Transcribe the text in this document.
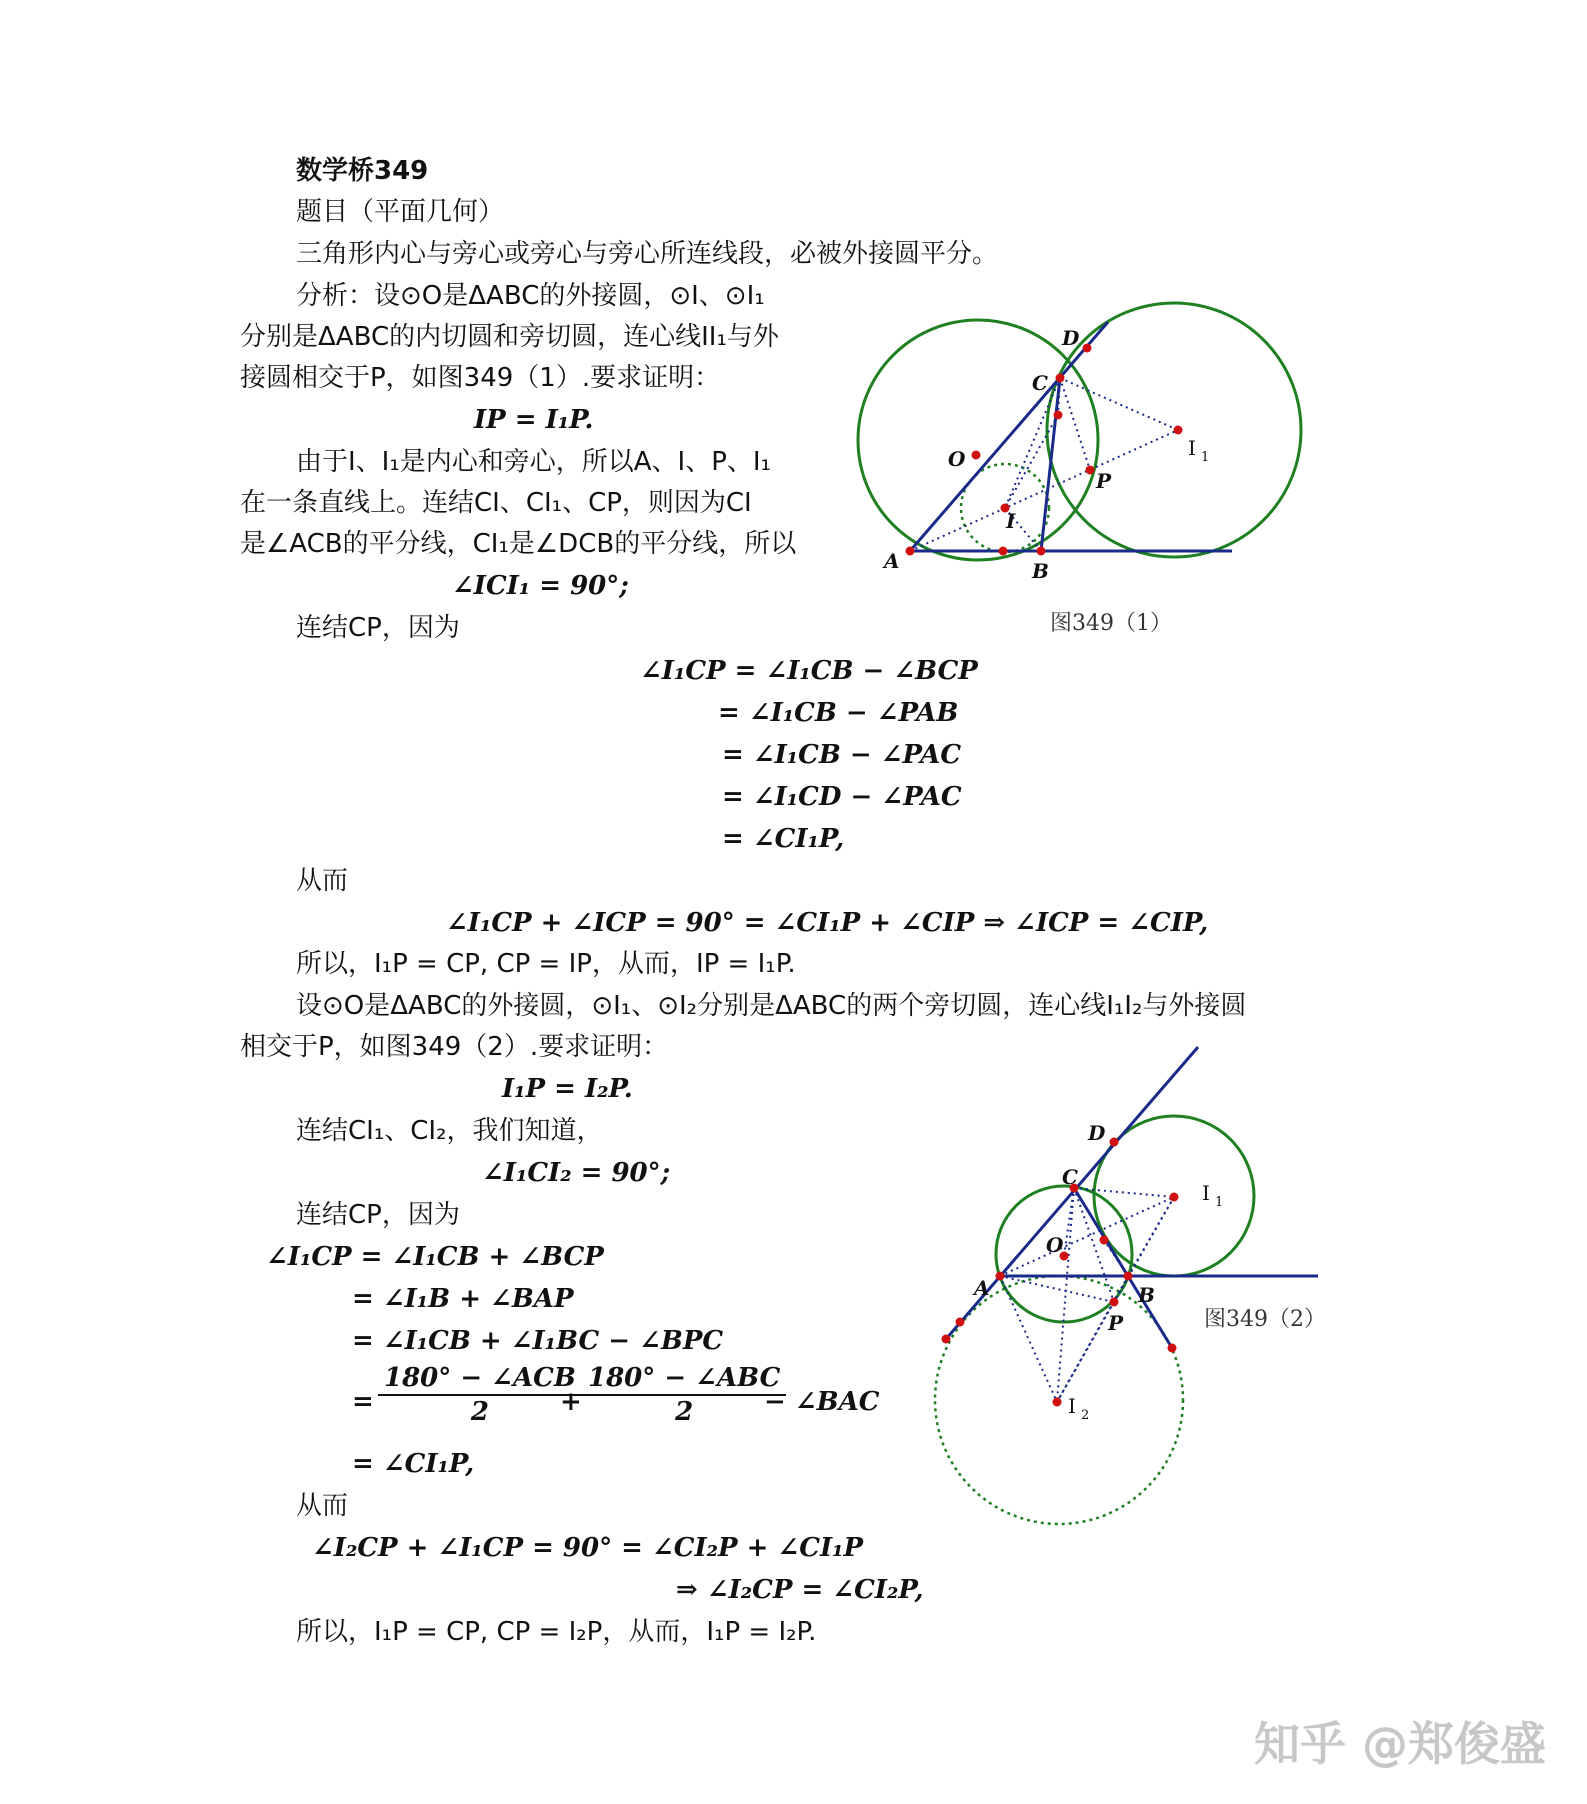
数学桥349
题目（平面几何）
三角形内心与旁心或旁心与旁心所连线段，必被外接圆平分。
分析：设⊙O是ΔABC的外接圆，⊙I、⊙I₁
分别是ΔABC的内切圆和旁切圆，连心线II₁与外
接圆相交于P，如图349（1）.要求证明：
IP = I₁P.
由于I、I₁是内心和旁心，所以A、I、P、I₁
在一条直线上。连结CI、CI₁、CP，则因为CI
是∠ACB的平分线，CI₁是∠DCB的平分线，所以
∠ICI₁ = 90°;
连结CP，因为
∠I₁CP = ∠I₁CB − ∠BCP
= ∠I₁CB − ∠PAB
= ∠I₁CB − ∠PAC
= ∠I₁CD − ∠PAC
= ∠CI₁P,
从而
∠I₁CP + ∠ICP = 90° = ∠CI₁P + ∠CIP ⇒ ∠ICP = ∠CIP,
所以，I₁P = CP, CP = IP，从而，IP = I₁P.
设⊙O是ΔABC的外接圆，⊙I₁、⊙I₂分别是ΔABC的两个旁切圆，连心线I₁I₂与外接圆
相交于P，如图349（2）.要求证明：
I₁P = I₂P.
连结CI₁、CI₂，我们知道，
∠I₁CI₂ = 90°;
连结CP，因为
∠I₁CP = ∠I₁CB + ∠BCP
= ∠I₁B + ∠BAP
= ∠I₁CB + ∠I₁BC − ∠BPC
=
180° − ∠ACB
2	+
180° − ∠ABC
2	− ∠BAC
= ∠CI₁P,
从而
∠I₂CP + ∠I₁CP = 90° = ∠CI₂P + ∠CI₁P
⇒ ∠I₂CP = ∠CI₂P,
所以，I₁P = CP, CP = I₂P，从而，I₁P = I₂P.
A	B
C
D
O
I
P
I 1
图349（1）
A	B
C
D
O
P
I 1
I 2
图349（2）
知乎 @郑俊盛
